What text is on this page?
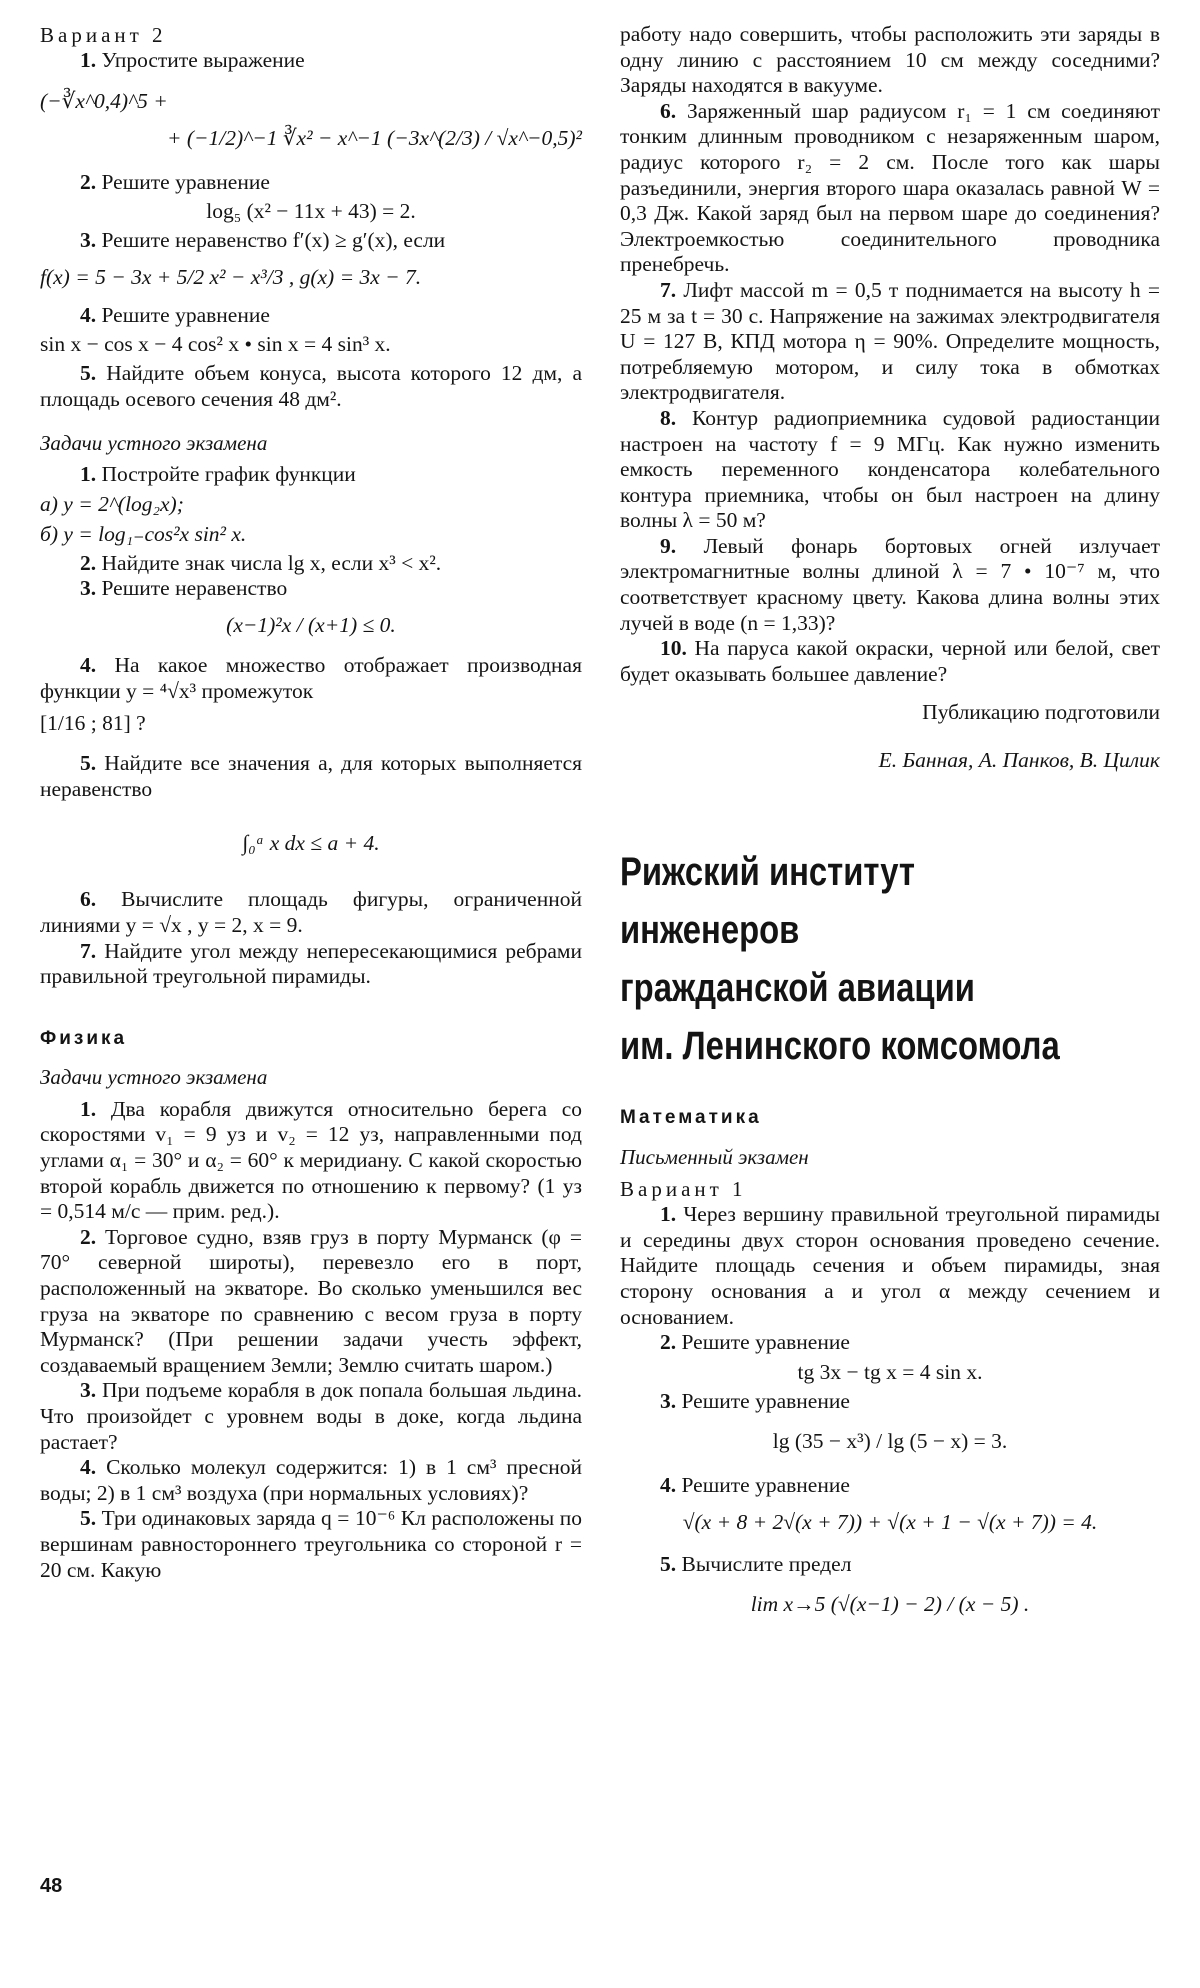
Вариант 2

1. Упростите выражение

(−∛x^0,4)^5 +
+ (−1/2)^−1 ∛x² − x^−1 (−3x^(2/3) / √x^−0,5)²

2. Решите уравнение

log₅ (x² − 11x + 43) = 2.

3. Решите неравенство f′(x) ≥ g′(x), если

f(x) = 5 − 3x + 5/2 x² − x³/3 , g(x) = 3x − 7.

4. Решите уравнение

sin x − cos x − 4 cos² x • sin x = 4 sin³ x.

5. Найдите объем конуса, высота которого 12 дм, а площадь осевого сечения 48 дм².

Задачи устного экзамена

1. Постройте график функции

а) y = 2^(log₂x);
б) y = log₁₋cos²x sin² x.

2. Найдите знак числа lg x, если x³ < x².

3. Решите неравенство

(x−1)²x / (x+1) ≤ 0.

4. На какое множество отображает производная функции y = ⁴√x³ промежуток

[1/16 ; 81] ?

5. Найдите все значения a, для которых выполняется неравенство

∫₀ᵃ x dx ≤ a + 4.

6. Вычислите площадь фигуры, ограниченной линиями y = √x , y = 2, x = 9.

7. Найдите угол между непересекающимися ребрами правильной треугольной пирамиды.

Физика

Задачи устного экзамена

1. Два корабля движутся относительно берега со скоростями v₁ = 9 уз и v₂ = 12 уз, направленными под углами α₁ = 30° и α₂ = 60° к меридиану. С какой скоростью второй корабль движется по отношению к первому? (1 уз = 0,514 м/с — прим. ред.).

2. Торговое судно, взяв груз в порту Мурманск (φ = 70° северной широты), перевезло его в порт, расположенный на экваторе. Во сколько уменьшился вес груза на экваторе по сравнению с весом груза в порту Мурманск? (При решении задачи учесть эффект, создаваемый вращением Земли; Землю считать шаром.)

3. При подъеме корабля в док попала большая льдина. Что произойдет с уровнем воды в доке, когда льдина растает?

4. Сколько молекул содержится: 1) в 1 см³ пресной воды; 2) в 1 см³ воздуха (при нормальных условиях)?

5. Три одинаковых заряда q = 10⁻⁶ Кл расположены по вершинам равностороннего треугольника со стороной r = 20 см. Какую

работу надо совершить, чтобы расположить эти заряды в одну линию с расстоянием 10 см между соседними? Заряды находятся в вакууме.

6. Заряженный шар радиусом r₁ = 1 см соединяют тонким длинным проводником с незаряженным шаром, радиус которого r₂ = 2 см. После того как шары разъединили, энергия второго шара оказалась равной W = 0,3 Дж. Какой заряд был на первом шаре до соединения? Электроемкостью соединительного проводника пренебречь.

7. Лифт массой m = 0,5 т поднимается на высоту h = 25 м за t = 30 с. Напряжение на зажимах электродвигателя U = 127 В, КПД мотора η = 90%. Определите мощность, потребляемую мотором, и силу тока в обмотках электродвигателя.

8. Контур радиоприемника судовой радиостанции настроен на частоту f = 9 МГц. Как нужно изменить емкость переменного конденсатора колебательного контура приемника, чтобы он был настроен на длину волны λ = 50 м?

9. Левый фонарь бортовых огней излучает электромагнитные волны длиной λ = 7 • 10⁻⁷ м, что соответствует красному цвету. Какова длина волны этих лучей в воде (n = 1,33)?

10. На паруса какой окраски, черной или белой, свет будет оказывать большее давление?

Публикацию подготовили

Е. Банная, А. Панков, В. Цилик

Рижский институт
инженеров
гражданской авиации
им. Ленинского комсомола

Математика

Письменный экзамен

Вариант 1

1. Через вершину правильной треугольной пирамиды и середины двух сторон основания проведено сечение. Найдите площадь сечения и объем пирамиды, зная сторону основания a и угол α между сечением и основанием.

2. Решите уравнение

tg 3x − tg x = 4 sin x.

3. Решите уравнение

lg (35 − x³) / lg (5 − x) = 3.

4. Решите уравнение

√(x + 8 + 2√(x + 7)) + √(x + 1 − √(x + 7)) = 4.

5. Вычислите предел

lim x→5 (√(x−1) − 2) / (x − 5) .
48
